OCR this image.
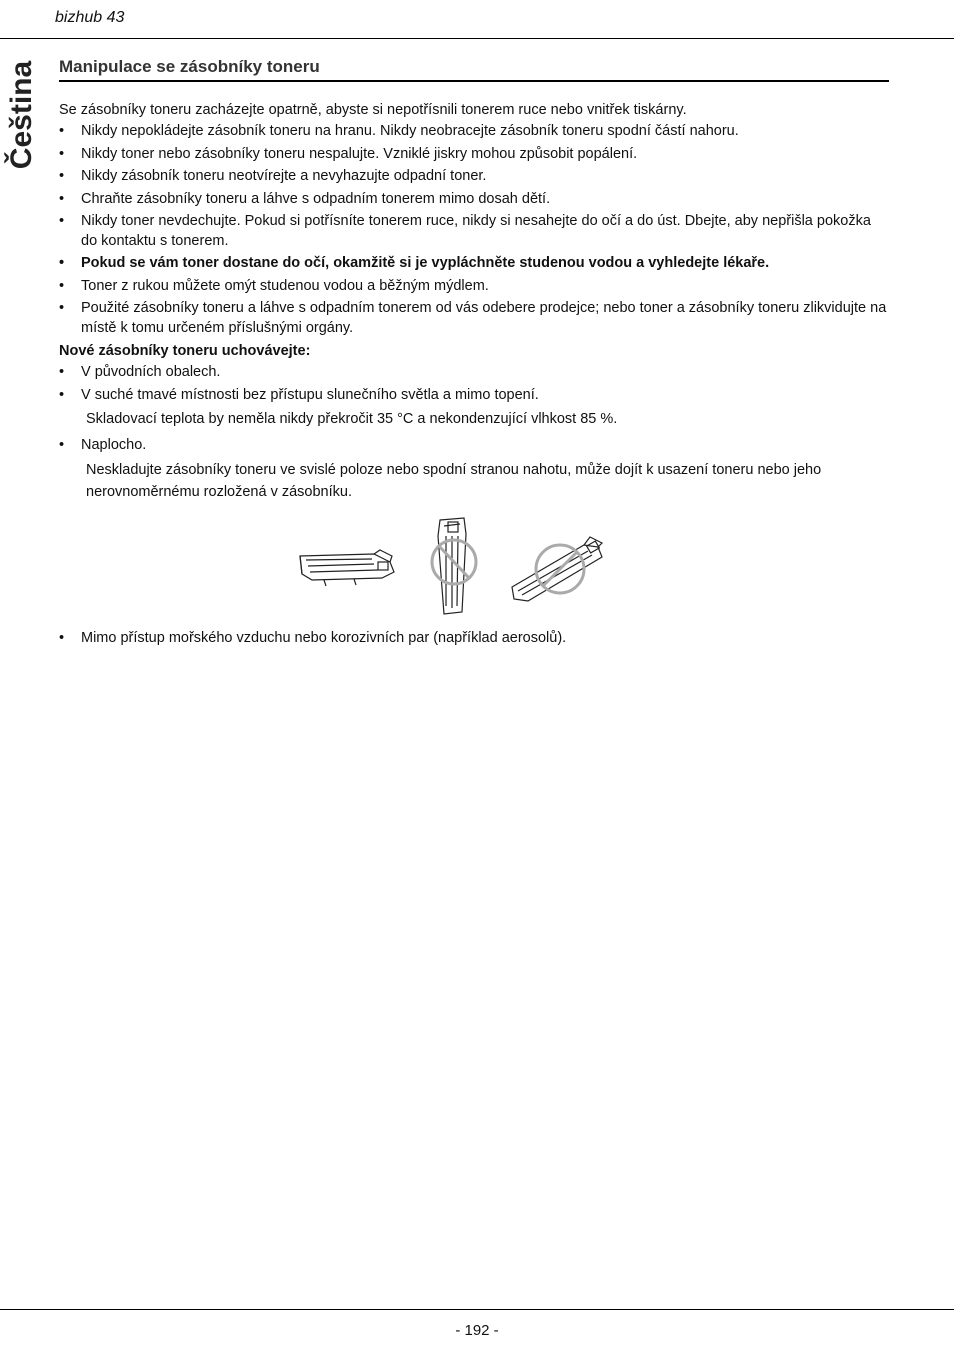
bizhub 43
Čeština Manipulace se zásobníky toneru

Se zásobníky toneru zacházejte opatrně, abyste si nepotřísnili tonerem ruce nebo vnitřek tiskárny.

• Nikdy nepokládejte zásobník toneru na hranu. Nikdy neobracejte zásobník toneru spodní částí nahoru.
• Nikdy toner nebo zásobníky toneru nespalujte. Vzniklé jiskry mohou způsobit popálení.
• Nikdy zásobník toneru neotvírejte a nevyhazujte odpadní toner.
• Chraňte zásobníky toneru a láhve s odpadním tonerem mimo dosah dětí.
• Nikdy toner nevdechujte. Pokud si potřísníte tonerem ruce, nikdy si nesahejte do očí a do úst. Dbejte, aby nepřišla pokožka do kontaktu s tonerem.
• Pokud se vám toner dostane do očí, okamžitě si je vypláchněte studenou vodou a vyhledejte lékaře.
• Toner z rukou můžete omýt studenou vodou a běžným mýdlem.
• Použité zásobníky toneru a láhve s odpadním tonerem od vás odebere prodejce; nebo toner a zásobníky toneru zlikvidujte na místě k tomu určeném příslušnými orgány.
Nové zásobníky toneru uchovávejte:
• V původních obalech.
• V suché tmavé místnosti bez přístupu slunečního světla a mimo topení.

Skladovací teplota by neměla nikdy překročit 35 °C a nekondenzující vlhkost 85 %.

• Naplocho.

Neskladujte zásobníky toneru ve svislé poloze nebo spodní stranou nahotu, může dojít k usazení toneru nebo jeho nerovnoměrnému rozložená v zásobníku.

• Mimo přístup mořského vzduchu nebo korozivních par (například aerosolů).
- 192 -
